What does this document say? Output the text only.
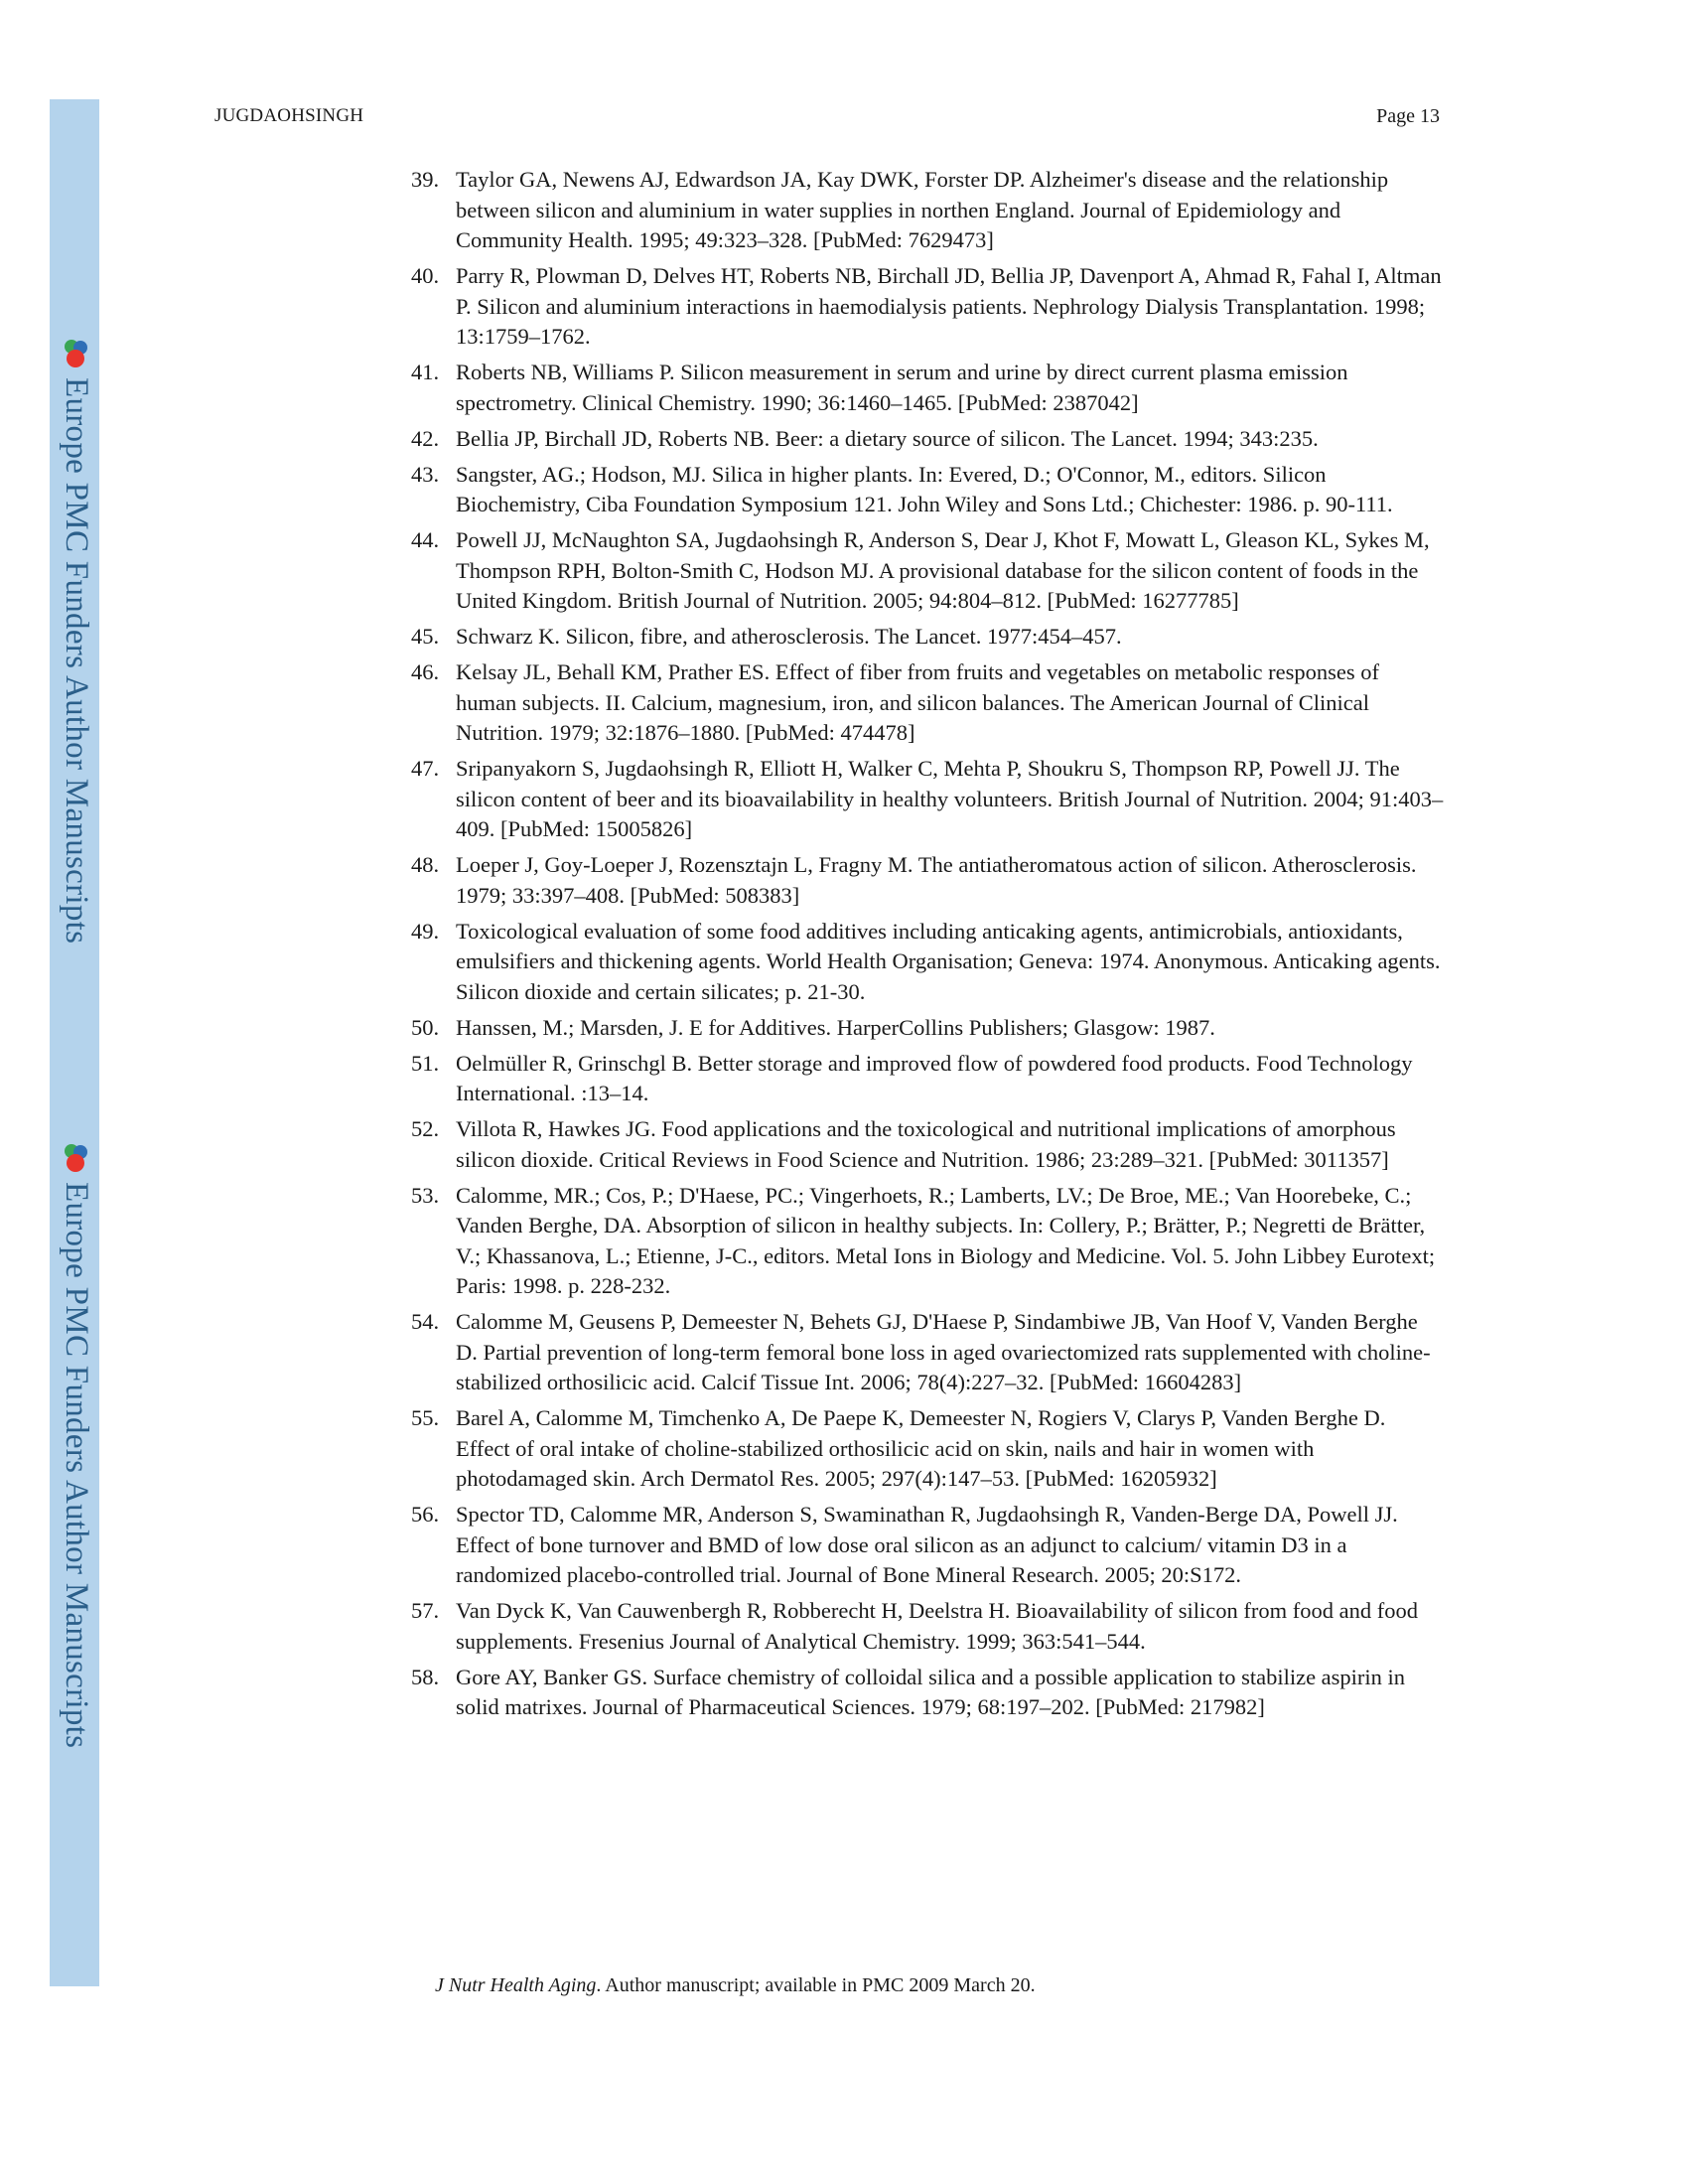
Europe PMC Funders Author Manuscripts
Europe PMC Funders Author Manuscripts
JUGDAOHSINGH	Page 13
39. Taylor GA, Newens AJ, Edwardson JA, Kay DWK, Forster DP. Alzheimer's disease and the relationship between silicon and aluminium in water supplies in northen England. Journal of Epidemiology and Community Health. 1995; 49:323–328. [PubMed: 7629473]
40. Parry R, Plowman D, Delves HT, Roberts NB, Birchall JD, Bellia JP, Davenport A, Ahmad R, Fahal I, Altman P. Silicon and aluminium interactions in haemodialysis patients. Nephrology Dialysis Transplantation. 1998; 13:1759–1762.
41. Roberts NB, Williams P. Silicon measurement in serum and urine by direct current plasma emission spectrometry. Clinical Chemistry. 1990; 36:1460–1465. [PubMed: 2387042]
42. Bellia JP, Birchall JD, Roberts NB. Beer: a dietary source of silicon. The Lancet. 1994; 343:235.
43. Sangster, AG.; Hodson, MJ. Silica in higher plants. In: Evered, D.; O'Connor, M., editors. Silicon Biochemistry, Ciba Foundation Symposium 121. John Wiley and Sons Ltd.; Chichester: 1986. p. 90-111.
44. Powell JJ, McNaughton SA, Jugdaohsingh R, Anderson S, Dear J, Khot F, Mowatt L, Gleason KL, Sykes M, Thompson RPH, Bolton-Smith C, Hodson MJ. A provisional database for the silicon content of foods in the United Kingdom. British Journal of Nutrition. 2005; 94:804–812. [PubMed: 16277785]
45. Schwarz K. Silicon, fibre, and atherosclerosis. The Lancet. 1977:454–457.
46. Kelsay JL, Behall KM, Prather ES. Effect of fiber from fruits and vegetables on metabolic responses of human subjects. II. Calcium, magnesium, iron, and silicon balances. The American Journal of Clinical Nutrition. 1979; 32:1876–1880. [PubMed: 474478]
47. Sripanyakorn S, Jugdaohsingh R, Elliott H, Walker C, Mehta P, Shoukru S, Thompson RP, Powell JJ. The silicon content of beer and its bioavailability in healthy volunteers. British Journal of Nutrition. 2004; 91:403–409. [PubMed: 15005826]
48. Loeper J, Goy-Loeper J, Rozensztajn L, Fragny M. The antiatheromatous action of silicon. Atherosclerosis. 1979; 33:397–408. [PubMed: 508383]
49. Toxicological evaluation of some food additives including anticaking agents, antimicrobials, antioxidants, emulsifiers and thickening agents. World Health Organisation; Geneva: 1974. Anonymous. Anticaking agents. Silicon dioxide and certain silicates; p. 21-30.
50. Hanssen, M.; Marsden, J. E for Additives. HarperCollins Publishers; Glasgow: 1987.
51. Oelmüller R, Grinschgl B. Better storage and improved flow of powdered food products. Food Technology International. :13–14.
52. Villota R, Hawkes JG. Food applications and the toxicological and nutritional implications of amorphous silicon dioxide. Critical Reviews in Food Science and Nutrition. 1986; 23:289–321. [PubMed: 3011357]
53. Calomme, MR.; Cos, P.; D'Haese, PC.; Vingerhoets, R.; Lamberts, LV.; De Broe, ME.; Van Hoorebeke, C.; Vanden Berghe, DA. Absorption of silicon in healthy subjects. In: Collery, P.; Brätter, P.; Negretti de Brätter, V.; Khassanova, L.; Etienne, J-C., editors. Metal Ions in Biology and Medicine. Vol. 5. John Libbey Eurotext; Paris: 1998. p. 228-232.
54. Calomme M, Geusens P, Demeester N, Behets GJ, D'Haese P, Sindambiwe JB, Van Hoof V, Vanden Berghe D. Partial prevention of long-term femoral bone loss in aged ovariectomized rats supplemented with choline-stabilized orthosilicic acid. Calcif Tissue Int. 2006; 78(4):227–32. [PubMed: 16604283]
55. Barel A, Calomme M, Timchenko A, De Paepe K, Demeester N, Rogiers V, Clarys P, Vanden Berghe D. Effect of oral intake of choline-stabilized orthosilicic acid on skin, nails and hair in women with photodamaged skin. Arch Dermatol Res. 2005; 297(4):147–53. [PubMed: 16205932]
56. Spector TD, Calomme MR, Anderson S, Swaminathan R, Jugdaohsingh R, Vanden-Berge DA, Powell JJ. Effect of bone turnover and BMD of low dose oral silicon as an adjunct to calcium/ vitamin D3 in a randomized placebo-controlled trial. Journal of Bone Mineral Research. 2005; 20:S172.
57. Van Dyck K, Van Cauwenbergh R, Robberecht H, Deelstra H. Bioavailability of silicon from food and food supplements. Fresenius Journal of Analytical Chemistry. 1999; 363:541–544.
58. Gore AY, Banker GS. Surface chemistry of colloidal silica and a possible application to stabilize aspirin in solid matrixes. Journal of Pharmaceutical Sciences. 1979; 68:197–202. [PubMed: 217982]
J Nutr Health Aging. Author manuscript; available in PMC 2009 March 20.
